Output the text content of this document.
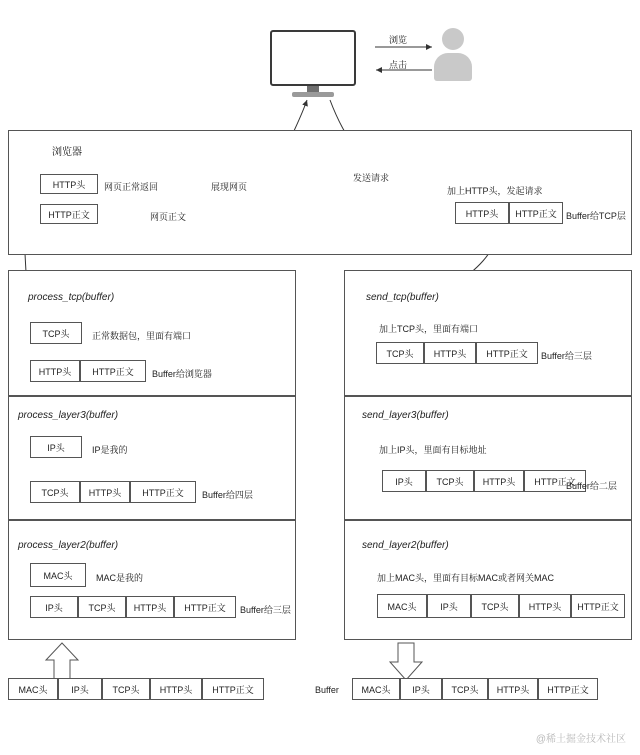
浏览
点击
浏览器
HTTP头	网页正常返回
HTTP正文	网页正文
展现网页
发送请求
加上HTTP头，发起请求
HTTP头	HTTP正文	Buffer给TCP层
process_tcp(buffer)
TCP头	正常数据包，里面有端口
HTTP头	HTTP正文	Buffer给浏览器
process_layer3(buffer)
IP头	IP是我的
TCP头	HTTP头	HTTP正文	Buffer给四层
process_layer2(buffer)
MAC头	MAC是我的
IP头	TCP头	HTTP头	HTTP正文	Buffer给三层
MAC头	IP头	TCP头	HTTP头	HTTP正文
send_tcp(buffer)
加上TCP头，里面有端口
TCP头	HTTP头	HTTP正文	Buffer给三层
send_layer3(buffer)
加上IP头，里面有目标地址
IP头	TCP头	HTTP头	HTTP正文
Buffer给二层
send_layer2(buffer)
加上MAC头，里面有目标MAC或者网关MAC
MAC头	IP头	TCP头	HTTP头	HTTP正文
Buffer	MAC头	IP头	TCP头	HTTP头	HTTP正文
@稀土掘金技术社区
